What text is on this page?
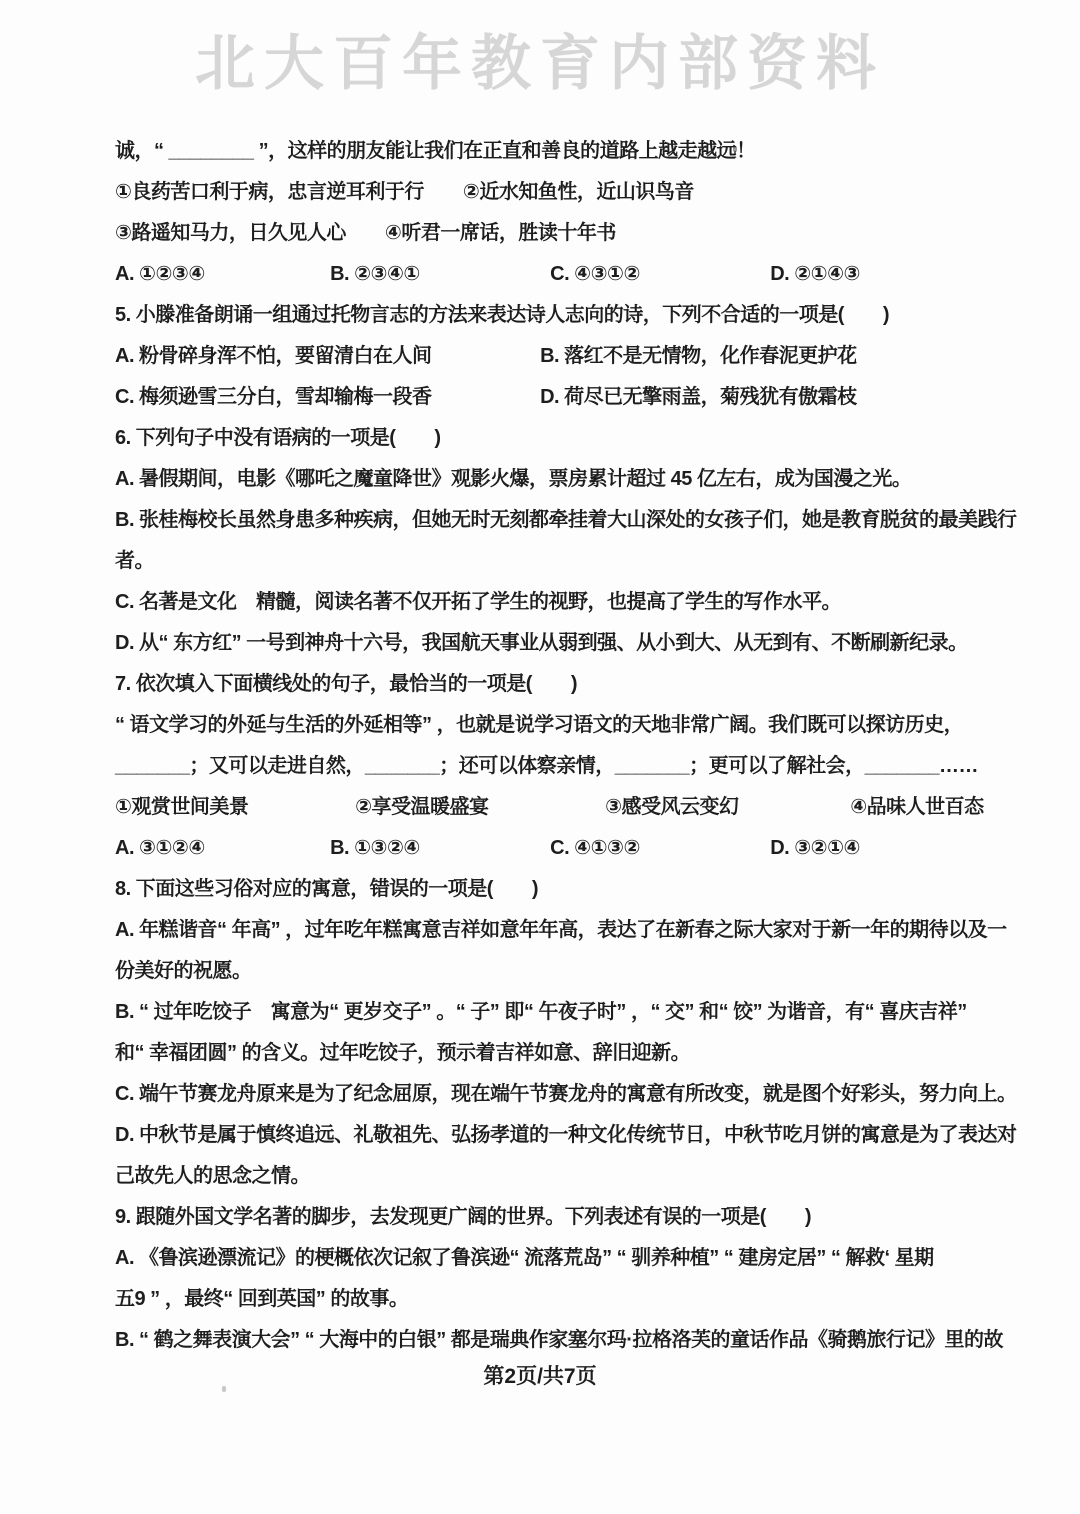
北大百年教育内部资料
诚，“ ________ ”，这样的朋友能让我们在正直和善良的道路上越走越远！
①良药苦口利于病，忠言逆耳利于行　　②近水知鱼性，近山识鸟音
③路遥知马力，日久见人心　　④听君一席话，胜读十年书
A. ①②③④	B. ②③④①	C. ④③①②	D. ②①④③
5. 小滕准备朗诵一组通过托物言志的方法来表达诗人志向的诗，下列不合适的一项是(　　)
A. 粉骨碎身浑不怕，要留清白在人间	B. 落红不是无情物，化作春泥更护花
C. 梅须逊雪三分白，雪却输梅一段香	D. 荷尽已无擎雨盖，菊残犹有傲霜枝
6. 下列句子中没有语病的一项是(　　)
A. 暑假期间，电影《哪吒之魔童降世》观影火爆，票房累计超过 45 亿左右，成为国漫之光。
B. 张桂梅校长虽然身患多种疾病，但她无时无刻都牵挂着大山深处的女孩子们，她是教育脱贫的最美践行
者。
C. 名著是文化　精髓，阅读名著不仅开拓了学生的视野，也提高了学生的写作水平。
D. 从“ 东方红” 一号到神舟十六号，我国航天事业从弱到强、从小到大、从无到有、不断刷新纪录。
7. 依次填入下面横线处的句子，最恰当的一项是(　　)
“ 语文学习的外延与生活的外延相等” ，也就是说学习语文的天地非常广阔。我们既可以探访历史，
_______；又可以走进自然，_______；还可以体察亲情，_______；更可以了解社会，_______……
①观赏世间美景	②享受温暖盛宴	③感受风云变幻	④品味人世百态
A. ③①②④	B. ①③②④	C. ④①③②	D. ③②①④
8. 下面这些习俗对应的寓意，错误的一项是(　　)
A. 年糕谐音“ 年高” ，过年吃年糕寓意吉祥如意年年高，表达了在新春之际大家对于新一年的期待以及一
份美好的祝愿。
B. “ 过年吃饺子　寓意为“ 更岁交子” 。“ 子” 即“ 午夜子时” ，“ 交” 和“ 饺” 为谐音，有“ 喜庆吉祥”
和“ 幸福团圆” 的含义。过年吃饺子，预示着吉祥如意、辞旧迎新。
C. 端午节赛龙舟原来是为了纪念屈原，现在端午节赛龙舟的寓意有所改变，就是图个好彩头，努力向上。
D. 中秋节是属于慎终追远、礼敬祖先、弘扬孝道的一种文化传统节日，中秋节吃月饼的寓意是为了表达对
己故先人的思念之情。
9. 跟随外国文学名著的脚步，去发现更广阔的世界。下列表述有误的一项是(　　)
A. 《鲁滨逊漂流记》的梗概依次记叙了鲁滨逊“ 流落荒岛” “ 驯养种植” “ 建房定居” “ 解救‘ 星期
五9 ” ，最终“ 回到英国” 的故事。
B. “ 鹤之舞表演大会” “ 大海中的白银” 都是瑞典作家塞尔玛·拉格洛芙的童话作品《骑鹅旅行记》里的故
第2页/共7页
